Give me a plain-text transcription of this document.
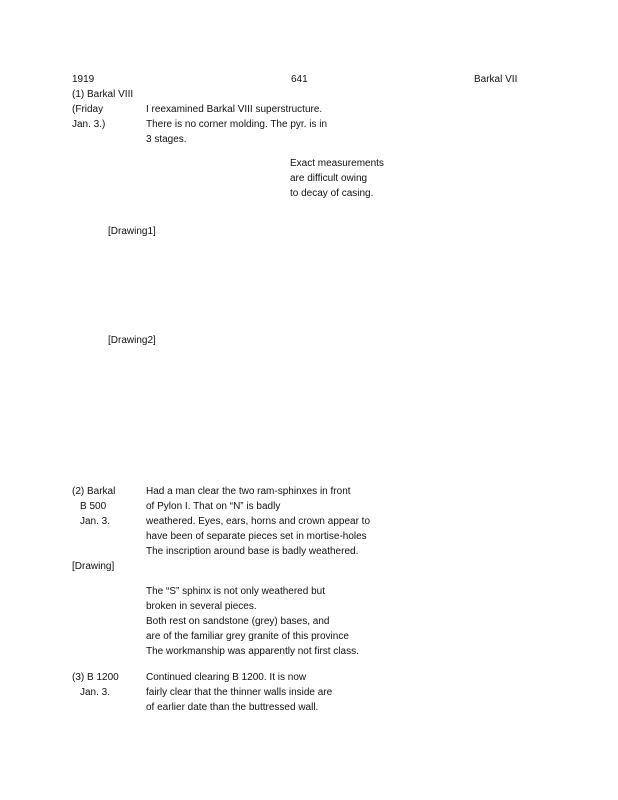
1919	641	Barkal VII
(1) Barkal VIII
(Friday
Jan. 3.)
I reexamined Barkal VIII superstructure.
There is no corner molding. The pyr. is in
3 stages.
Exact measurements
are difficult owing
to decay of casing.
[Drawing1]
[Drawing2]
(2) Barkal
B 500
Jan. 3.
Had a man clear the two ram-sphinxes in front
of Pylon I. That on “N” is badly
weathered. Eyes, ears, horns and crown appear to
have been of separate pieces set in mortise-holes
The inscription around base is badly weathered.
[Drawing]
The “S” sphinx is not only weathered but
broken in several pieces.
Both rest on sandstone (grey) bases, and
are of the familiar grey granite of this province
The workmanship was apparently not first class.
(3) B 1200
Jan. 3.
Continued clearing B 1200. It is now
fairly clear that the thinner walls inside are
of earlier date than the buttressed wall.
